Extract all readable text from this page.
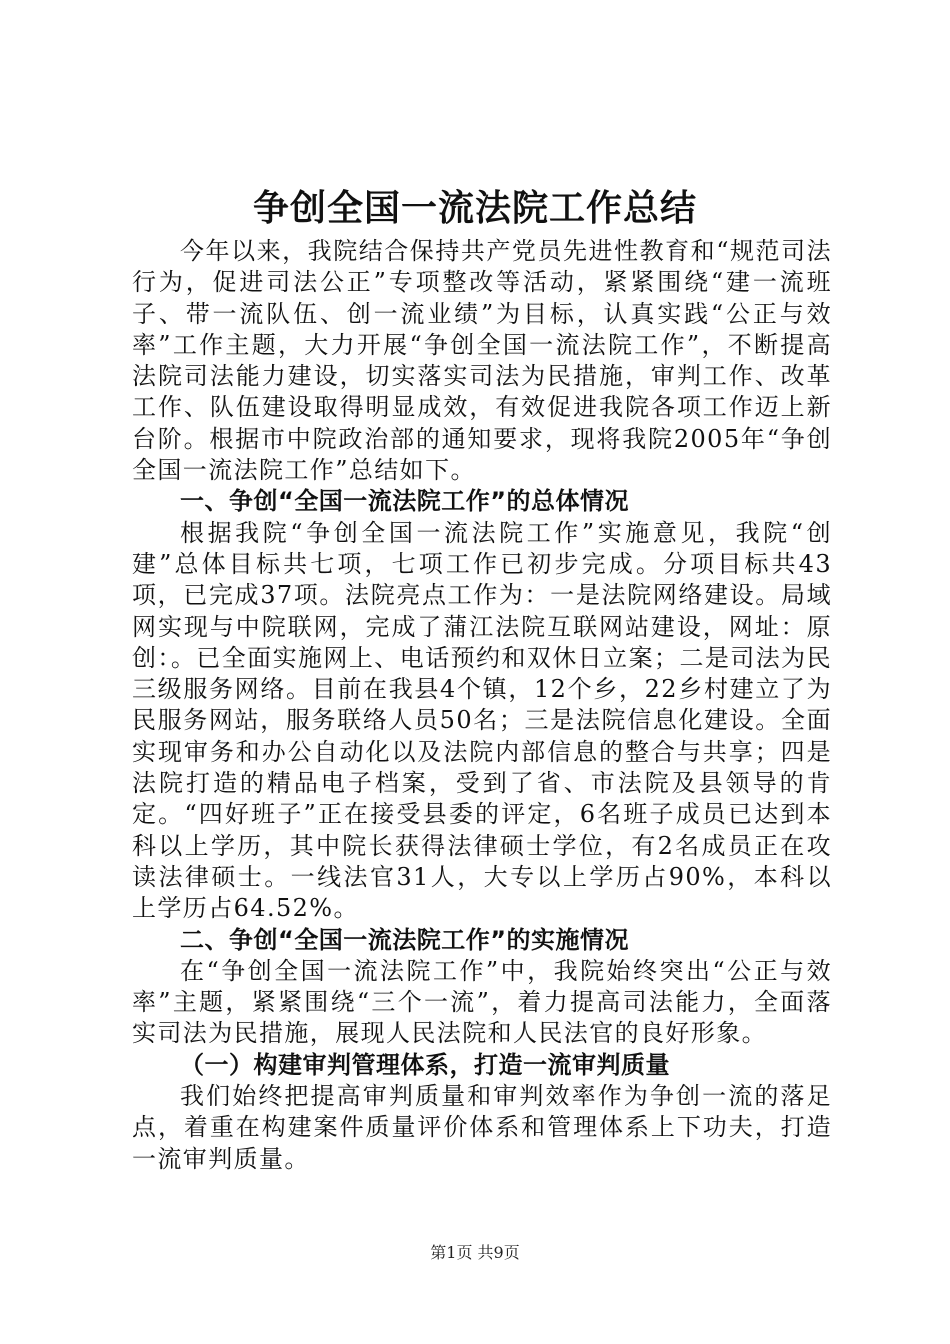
争创全国一流法院工作总结

今年以来，我院结合保持共产党员先进性教育和“规范司法行为，促进司法公正”专项整改等活动，紧紧围绕“建一流班子、带一流队伍、创一流业绩”为目标，认真实践“公正与效率”工作主题，大力开展“争创全国一流法院工作”，不断提高法院司法能力建设，切实落实司法为民措施，审判工作、改革工作、队伍建设取得明显成效，有效促进我院各项工作迈上新台阶。根据市中院政治部的通知要求，现将我院2005年“争创全国一流法院工作”总结如下。

一、争创“全国一流法院工作”的总体情况

根据我院“争创全国一流法院工作”实施意见，我院“创建”总体目标共七项，七项工作已初步完成。分项目标共43项，已完成37项。法院亮点工作为：一是法院网络建设。局域网实现与中院联网，完成了蒲江法院互联网站建设，网址：原创：。已全面实施网上、电话预约和双休日立案；二是司法为民三级服务网络。目前在我县4个镇，12个乡，22乡村建立了为民服务网站，服务联络人员50名；三是法院信息化建设。全面实现审务和办公自动化以及法院内部信息的整合与共享；四是法院打造的精品电子档案，受到了省、市法院及县领导的肯定。“四好班子”正在接受县委的评定，6名班子成员已达到本科以上学历，其中院长获得法律硕士学位，有2名成员正在攻读法律硕士。一线法官31人，大专以上学历占90%，本科以上学历占64.52%。

二、争创“全国一流法院工作”的实施情况

在“争创全国一流法院工作”中，我院始终突出“公正与效率”主题，紧紧围绕“三个一流”，着力提高司法能力，全面落实司法为民措施，展现人民法院和人民法官的良好形象。

（一）构建审判管理体系，打造一流审判质量

我们始终把提高审判质量和审判效率作为争创一流的落足点，着重在构建案件质量评价体系和管理体系上下功夫，打造一流审判质量。

第1页 共9页
